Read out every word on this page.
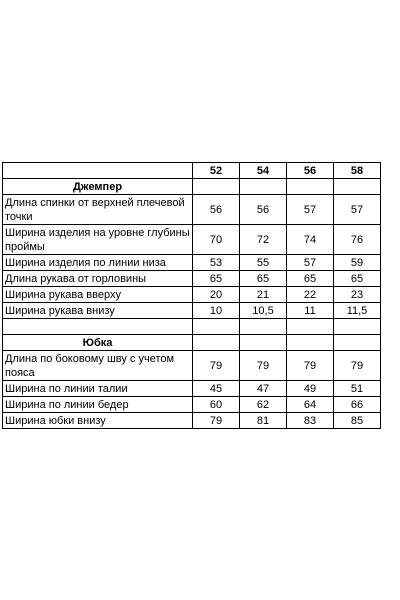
	52	54	56	58
Джемпер				
Длина спинки от верхней плечевой точки	56	56	57	57
Ширина изделия на уровне глубины проймы	70	72	74	76
Ширина изделия по линии низа	53	55	57	59
Длина рукава от горловины	65	65	65	65
Ширина рукава вверху	20	21	22	23
Ширина рукава внизу	10	10,5	11	11,5

Юбка				
Длина по боковому шву с учетом пояса	79	79	79	79
Ширина по линии талии	45	47	49	51
Ширина по линии бедер	60	62	64	66
Ширина юбки внизу	79	81	83	85
